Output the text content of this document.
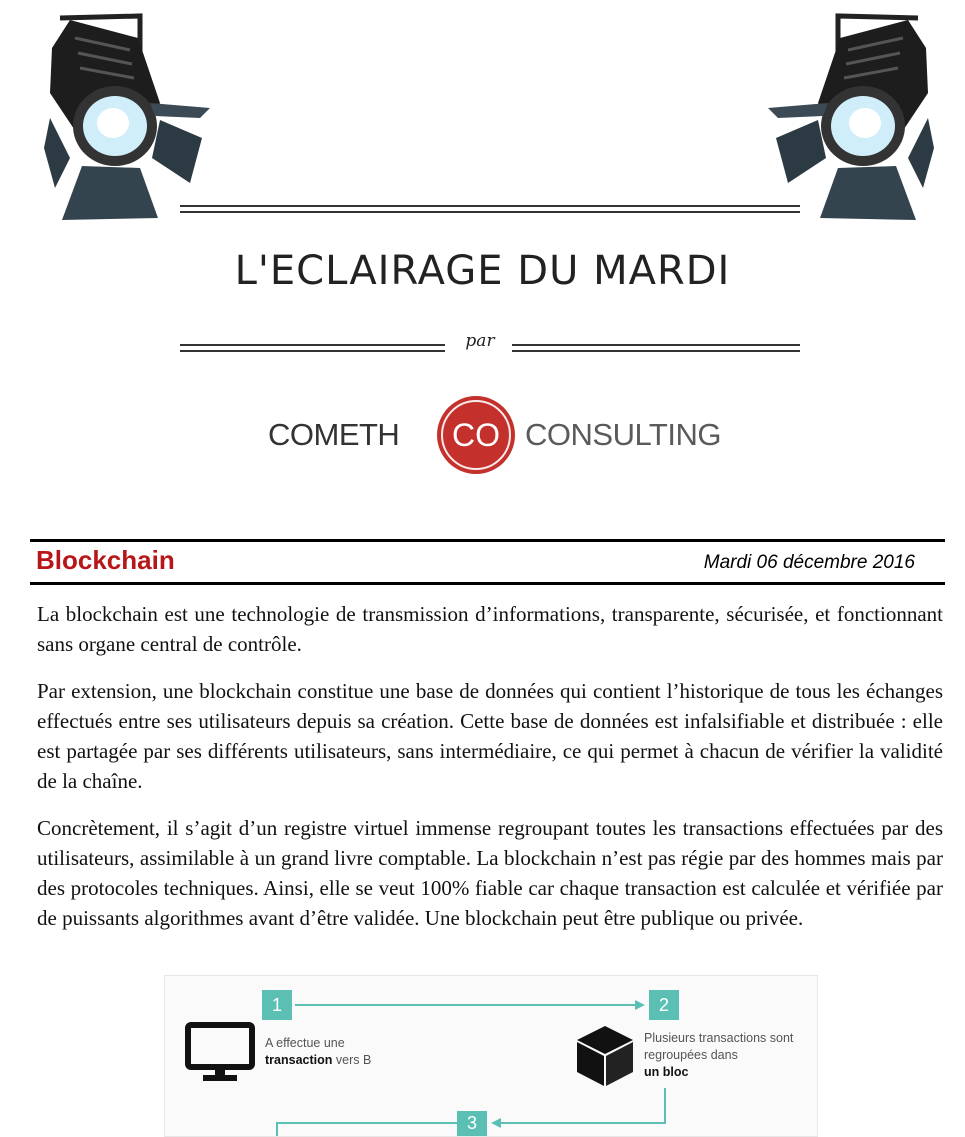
L'ECLAIRAGE DU MARDI
par
COMETH	CO CONSULTING
Blockchain	Mardi 06 décembre 2016

La blockchain est une technologie de transmission d’informations, transparente, sécurisée, et fonctionnant sans organe central de contrôle.

Par extension, une blockchain constitue une base de données qui contient l’historique de tous les échanges effectués entre ses utilisateurs depuis sa création. Cette base de données est infalsifiable et distribuée : elle est partagée par ses différents utilisateurs, sans intermédiaire, ce qui permet à chacun de vérifier la validité de la chaîne.

Concrètement, il s’agit d’un registre virtuel immense regroupant toutes les transactions effectuées par des utilisateurs, assimilable à un grand livre comptable. La blockchain n’est pas régie par des hommes mais par des protocoles techniques. Ainsi, elle se veut 100% fiable car chaque transaction est calculée et vérifiée par de puissants algorithmes avant d’être validée. Une blockchain peut être publique ou privée.

1	2
3
A effectue une
transaction vers B
Plusieurs transactions sont regroupées dans
un bloc
